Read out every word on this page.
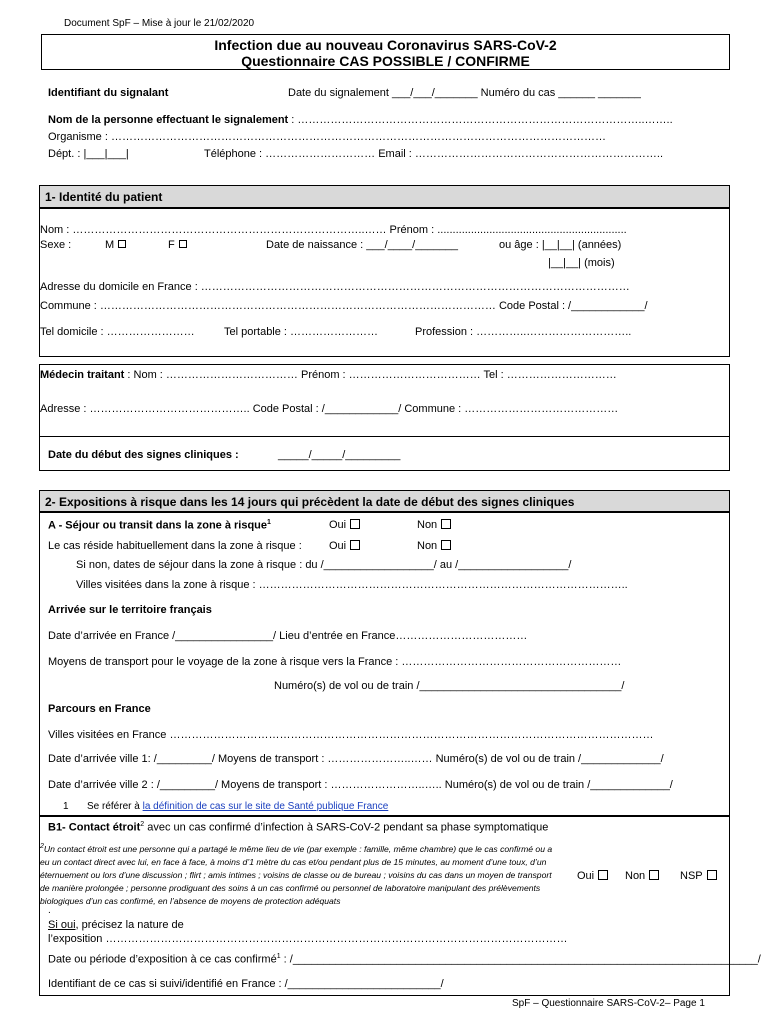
Document SpF – Mise à jour le 21/02/2020
Infection due au nouveau Coronavirus SARS-CoV-2
Questionnaire CAS POSSIBLE / CONFIRME
Identifiant du signalant	Date du signalement ___/___/_______ Numéro du cas ______ _______
Nom de la personne effectuant le signalement : …………………………………………………………………………………..……..
Organisme : ………………………………………………………………………………………………………………………
Dépt. : |___|___|	Téléphone : ………………………… Email : …………………………………………………………..
1- Identité du patient
Nom : ……………………………………………………………………..…… Prénom : ..............................................................
Sexe :	M	F	Date de naissance : ___/____/_______	ou âge : |__|__| (années)
|__|__| (mois)
Adresse du domicile en France : ………………………………………………………………………………………………………
Commune : ……………………………………………………………………………………………… Code Postal : /____________/
Tel domicile : ……………………	Tel portable : ……………………	Profession : …………..………………………..
Médecin traitant : Nom : ……………………………… Prénom : ……………………………… Tel : …………………………
Adresse : …………………………………….. Code Postal : /____________/ Commune : ……………………………………
Date du début des signes cliniques :	_____/_____/_________
2- Expositions à risque dans les 14 jours qui précèdent la date de début des signes cliniques
A - Séjour ou transit dans la zone à risque$^1$	Oui	Non
Le cas réside habituellement dans la zone à risque : Oui	Non
Si non, dates de séjour dans la zone à risque : du /__________________/ au /__________________/
Villes visitées dans la zone à risque : ………………………………………………………………………………………..
Arrivée sur le territoire français
Date d’arrivée en France /________________/ Lieu d’entrée en France………………………………
Moyens de transport pour le voyage de la zone à risque vers la France : ……………………………………………………
Numéro(s) de vol ou de train /_________________________________/
Parcours en France
Villes visitées en France ……………………………………………………………………………………………………………………
Date d’arrivée ville 1: /_________/ Moyens de transport : …………………..…… Numéro(s) de vol ou de train /_____________/
Date d’arrivée ville 2 : /_________/ Moyens de transport : ……………………..….. Numéro(s) de vol ou de train /_____________/
1 Se référer à la définition de cas sur le site de Santé publique France
B1- Contact étroit$^2$ avec un cas confirmé d’infection à SARS-CoV-2 pendant sa phase symptomatique
$^2$Un contact étroit est une personne qui a partagé le même lieu de vie (par exemple : famille, même chambre) que le cas confirmé ou a eu un contact direct avec lui, en face à face, à moins d’1 mètre du cas et/ou pendant plus de 15 minutes, au moment d’une toux, d’un éternuement ou lors d’une discussion ; flirt ; amis intimes ; voisins de classe ou de bureau ; voisins du cas dans un moyen de transport de manière prolongée ; personne prodiguant des soins à un cas confirmé ou personnel de laboratoire manipulant des prélèvements biologiques d’un cas confirmé, en l’absence de moyens de protection adéquats
.
Oui	Non	NSP
Si oui, précisez la nature de
l’exposition ………………………………………………………………………………………………………………
Date ou période d’exposition à ce cas confirmé$^1$ : /____________________________________________________________________________/
Identifiant de ce cas si suivi/identifié en France : /_________________________/
SpF – Questionnaire SARS-CoV-2– Page 1
